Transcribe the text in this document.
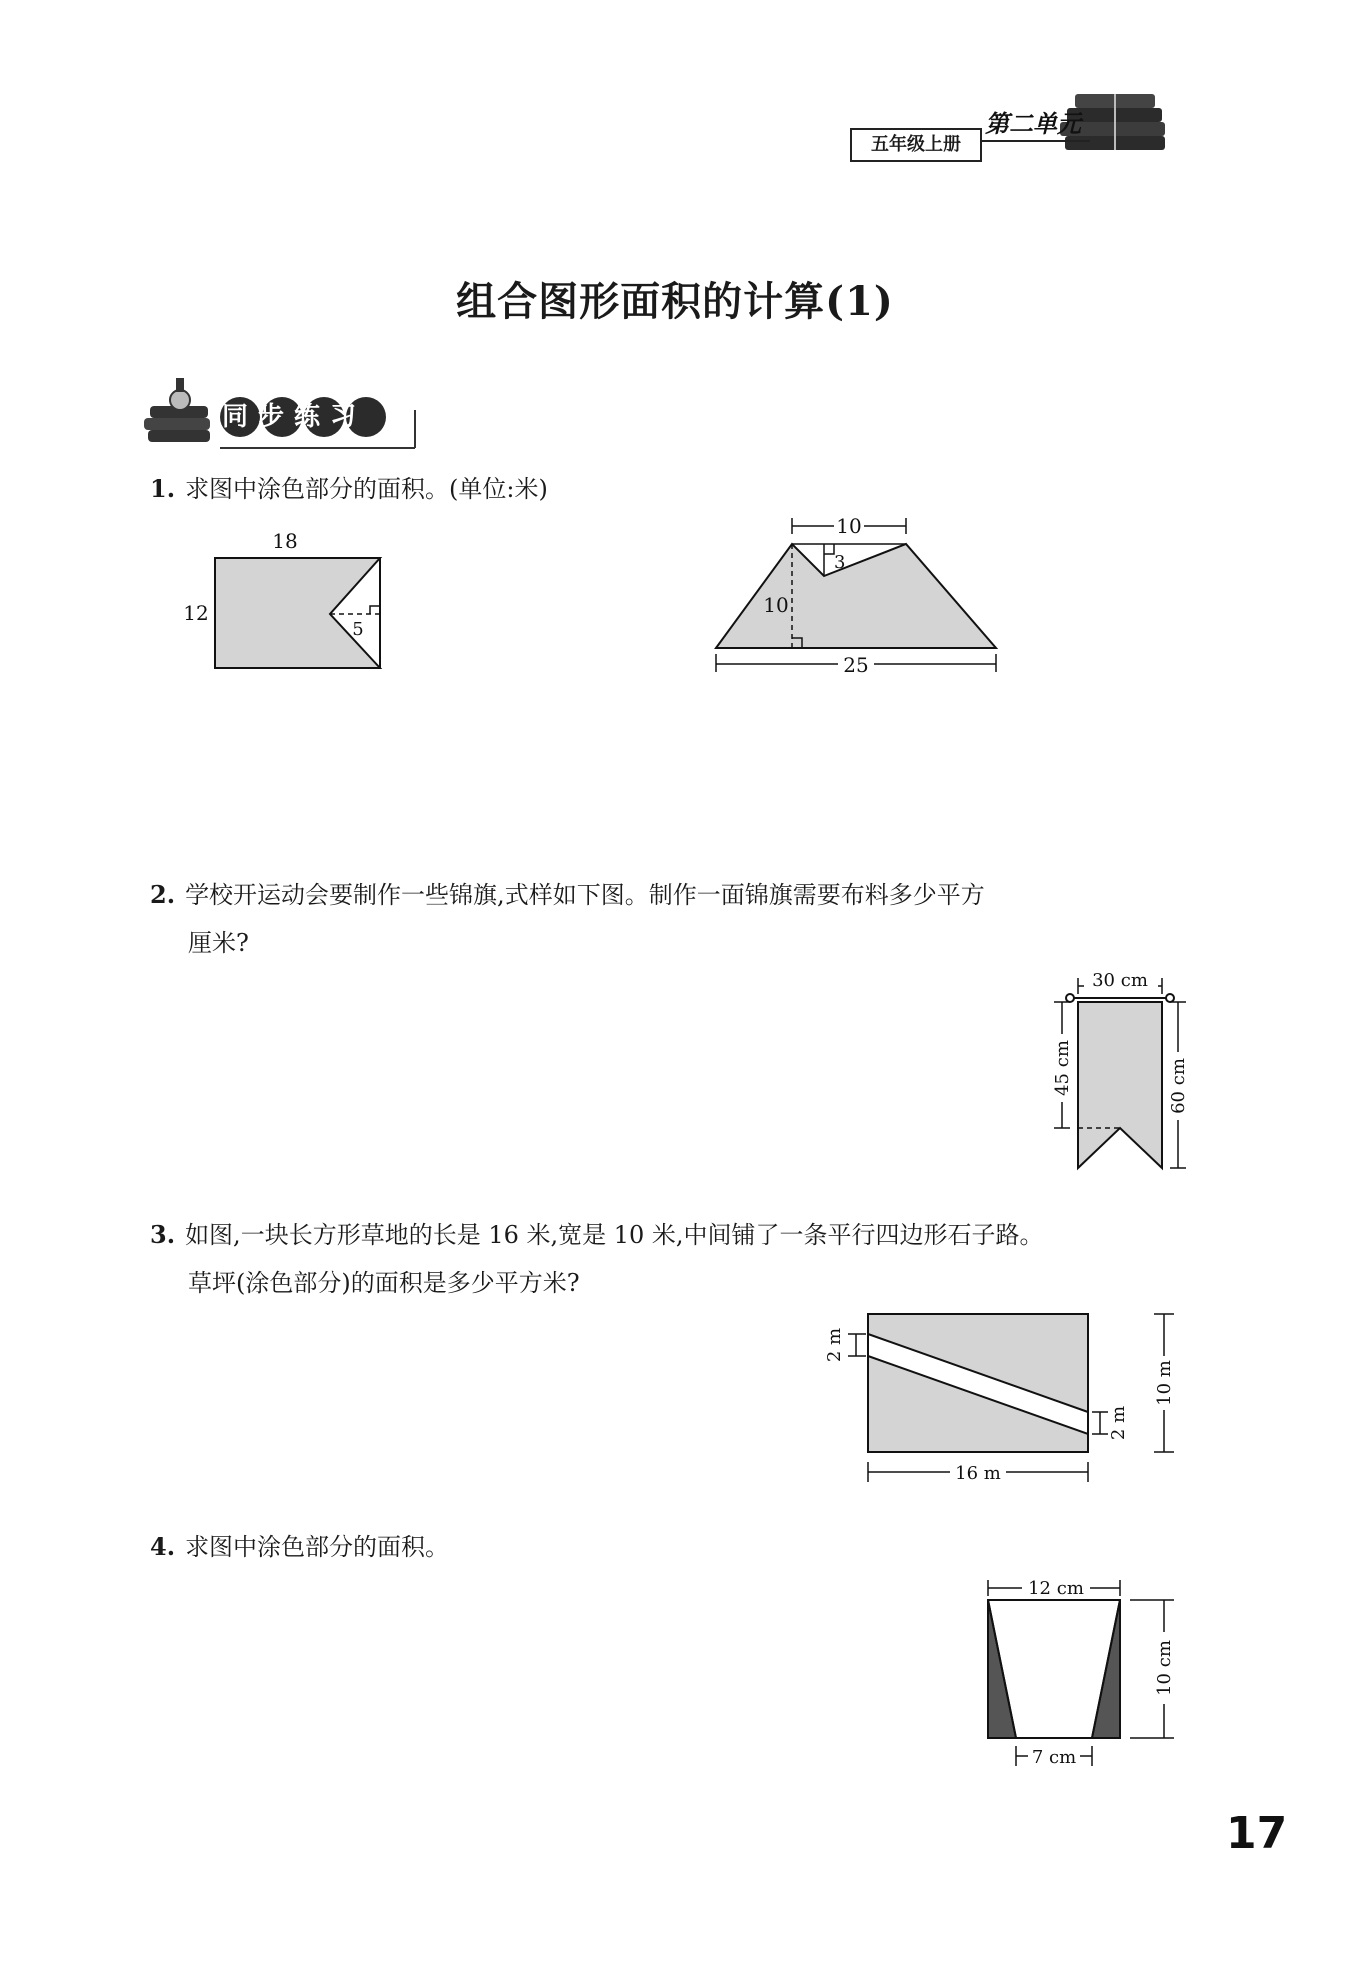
五年级上册
第二单元
组合图形面积的计算(1)
同步练习
1. 求图中涂色部分的面积。(单位:米)
18
12
5
10
3
10
25
2. 学校开运动会要制作一些锦旗,式样如下图。制作一面锦旗需要布料多少平方
厘米?
30 cm
45 cm	60 cm
3. 如图,一块长方形草地的长是 16 米,宽是 10 米,中间铺了一条平行四边形石子路。
草坪(涂色部分)的面积是多少平方米?
2 m
2 m
10 m
16 m
4. 求图中涂色部分的面积。
12 cm
10 cm
7 cm
17
